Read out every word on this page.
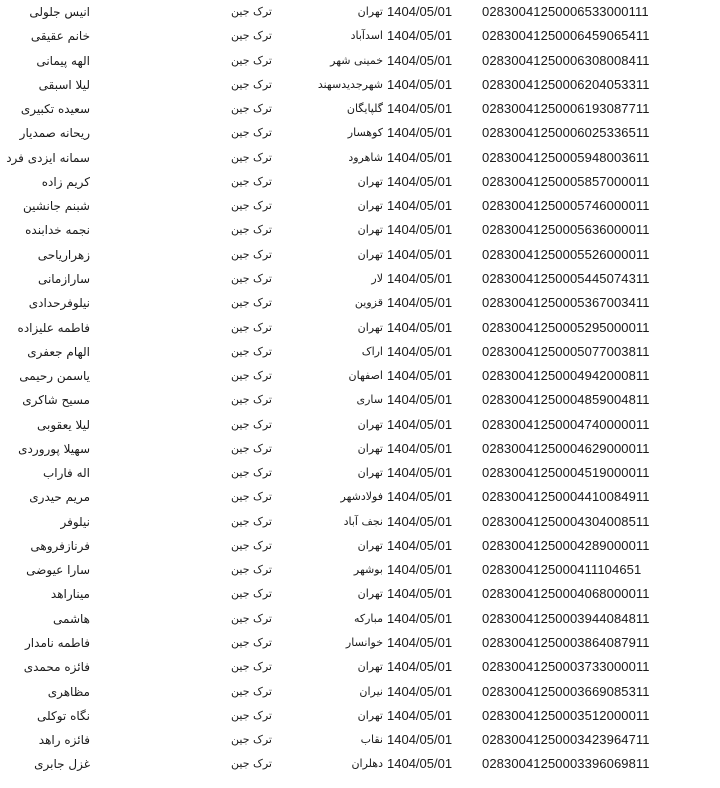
02830041250006533000111
1404/05/01
تهران
ترک جین
انیس جلولی
02830041250006459065411
1404/05/01
اسدآباد
ترک جین
خانم عقیقی
02830041250006308008411
1404/05/01
خمینی شهر
ترک جین
الهه پیمانی
02830041250006204053311
1404/05/01
شهرجدیدسهند
ترک جین
لیلا اسبقی
02830041250006193087711
1404/05/01
گلپایگان
ترک جین
سعیده تکبیری
02830041250006025336511
1404/05/01
کوهسار
ترک جین
ریحانه صمدیار
02830041250005948003611
1404/05/01
شاهرود
ترک جین
سمانه ایزدی فرد
02830041250005857000011
1404/05/01
تهران
ترک جین
کریم زاده
02830041250005746000011
1404/05/01
تهران
ترک جین
شبنم جانشین
02830041250005636000011
1404/05/01
تهران
ترک جین
نجمه خدابنده
02830041250005526000011
1404/05/01
تهران
ترک جین
زهراریاحی
02830041250005445074311
1404/05/01
لار
ترک جین
سارازمانی
02830041250005367003411
1404/05/01
قزوین
ترک جین
نیلوفرحدادی
02830041250005295000011
1404/05/01
تهران
ترک جین
فاطمه علیزاده
02830041250005077003811
1404/05/01
اراک
ترک جین
الهام جعفری
02830041250004942000811
1404/05/01
اصفهان
ترک جین
یاسمن رحیمی
02830041250004859004811
1404/05/01
ساری
ترک جین
مسیح شاکری
02830041250004740000011
1404/05/01
تهران
ترک جین
لیلا یعقوبی
02830041250004629000011
1404/05/01
تهران
ترک جین
سهیلا پوروردی
02830041250004519000011
1404/05/01
تهران
ترک جین
اله فاراب
02830041250004410084911
1404/05/01
فولادشهر
ترک جین
مریم حیدری
02830041250004304008511
1404/05/01
نجف آباد
ترک جین
نیلوفر
02830041250004289000011
1404/05/01
تهران
ترک جین
فرنازفروهی
0283004125000411104651
1404/05/01
بوشهر
ترک جین
سارا عیوضی
02830041250004068000011
1404/05/01
تهران
ترک جین
میناراهد
02830041250003944084811
1404/05/01
مبارکه
ترک جین
هاشمی
02830041250003864087911
1404/05/01
خوانسار
ترک جین
فاطمه نامدار
02830041250003733000011
1404/05/01
تهران
ترک جین
فائزه محمدی
02830041250003669085311
1404/05/01
نیران
ترک جین
مظاهری
02830041250003512000011
1404/05/01
تهران
ترک جین
نگاه توکلی
02830041250003423964711
1404/05/01
نقاب
ترک جین
فائزه راهد
02830041250003396069811
1404/05/01
دهلران
ترک جین
غزل جابری
